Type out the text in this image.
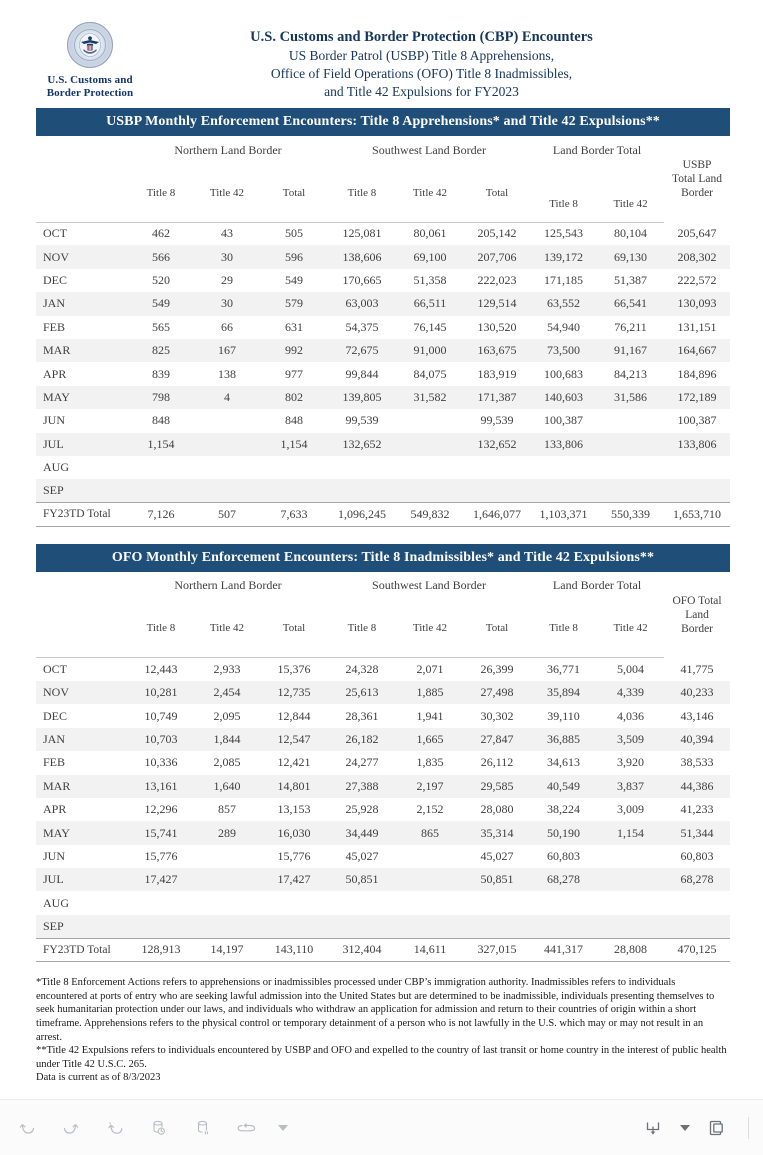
U.S. Customs and
Border Protection
U.S. Customs and Border Protection (CBP) Encounters
US Border Patrol (USBP) Title 8 Apprehensions,
Office of Field Operations (OFO) Title 8 Inadmissibles,
and Title 42 Expulsions for FY2023
USBP Monthly Enforcement Encounters: Title 8 Apprehensions* and Title 42 Expulsions**
	Northern Land Border			Southwest Land Border			Land Border Total		USBP
Total Land
Border

	Title 8	Title 42	Total	Title 8	Title 42	Total	Title 8	Title 42	
OCT	462	43	505	125,081	80,061	205,142	125,543	80,104	205,647
NOV	566	30	596	138,606	69,100	207,706	139,172	69,130	208,302
DEC	520	29	549	170,665	51,358	222,023	171,185	51,387	222,572
JAN	549	30	579	63,003	66,511	129,514	63,552	66,541	130,093
FEB	565	66	631	54,375	76,145	130,520	54,940	76,211	131,151
MAR	825	167	992	72,675	91,000	163,675	73,500	91,167	164,667
APR	839	138	977	99,844	84,075	183,919	100,683	84,213	184,896
MAY	798	4	802	139,805	31,582	171,387	140,603	31,586	172,189
JUN	848		848	99,539		99,539	100,387		100,387
JUL	1,154		1,154	132,652		132,652	133,806		133,806
AUG									
SEP									
FY23TD Total	7,126	507	7,633	1,096,245	549,832	1,646,077	1,103,371	550,339	1,653,710
OFO Monthly Enforcement Encounters: Title 8 Inadmissibles* and Title 42 Expulsions**
	Northern Land Border			Southwest Land Border			Land Border Total		OFO Total
Land
Border

	Title 8	Title 42	Total	Title 8	Title 42	Total	Title 8	Title 42	
OCT	12,443	2,933	15,376	24,328	2,071	26,399	36,771	5,004	41,775
NOV	10,281	2,454	12,735	25,613	1,885	27,498	35,894	4,339	40,233
DEC	10,749	2,095	12,844	28,361	1,941	30,302	39,110	4,036	43,146
JAN	10,703	1,844	12,547	26,182	1,665	27,847	36,885	3,509	40,394
FEB	10,336	2,085	12,421	24,277	1,835	26,112	34,613	3,920	38,533
MAR	13,161	1,640	14,801	27,388	2,197	29,585	40,549	3,837	44,386
APR	12,296	857	13,153	25,928	2,152	28,080	38,224	3,009	41,233
MAY	15,741	289	16,030	34,449	865	35,314	50,190	1,154	51,344
JUN	15,776		15,776	45,027		45,027	60,803		60,803
JUL	17,427		17,427	50,851		50,851	68,278		68,278
AUG									
SEP									
FY23TD Total	128,913	14,197	143,110	312,404	14,611	327,015	441,317	28,808	470,125

*Title 8 Enforcement Actions refers to apprehensions or inadmissibles processed under CBP’s immigration authority. Inadmissibles refers to individuals encountered at ports of entry who are seeking lawful admission into the United States but are determined to be inadmissible, individuals presenting themselves to seek humanitarian protection under our laws, and individuals who withdraw an application for admission and return to their countries of origin within a short timeframe. Apprehensions refers to the physical control or temporary detainment of a person who is not lawfully in the U.S. which may or may not result in an arrest.

**Title 42 Expulsions refers to individuals encountered by USBP and OFO and expelled to the country of last transit or home country in the interest of public health under Title 42 U.S.C. 265.

Data is current as of 8/3/2023
